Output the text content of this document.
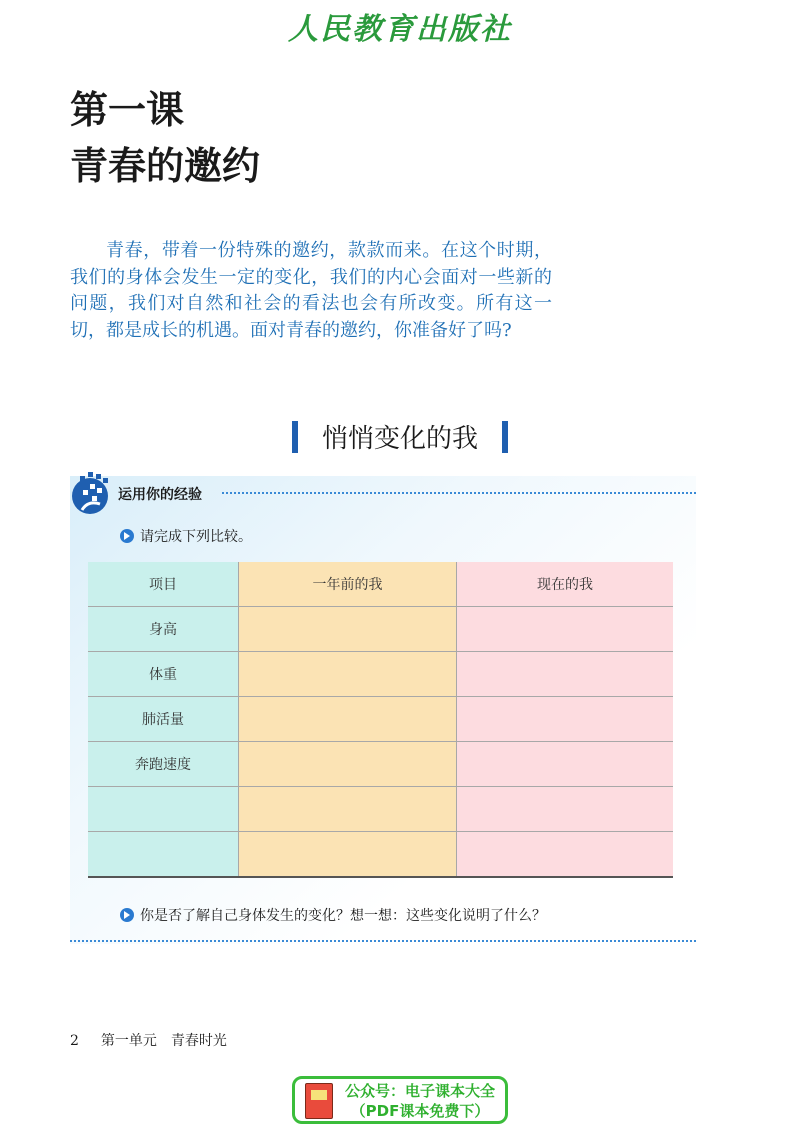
人民教育出版社
第一课
青春的邀约
青春，带着一份特殊的邀约，款款而来。在这个时期，我们的身体会发生一定的变化，我们的内心会面对一些新的问题，我们对自然和社会的看法也会有所改变。所有这一切，都是成长的机遇。面对青春的邀约，你准备好了吗?
悄悄变化的我
运用你的经验
请完成下列比较。
项目	一年前的我	现在的我
身高		
体重		
肺活量		
奔跑速度		

你是否了解自己身体发生的变化？想一想：这些变化说明了什么？
2 第一单元　青春时光
公众号：电子课本大全
（PDF课本免费下）
